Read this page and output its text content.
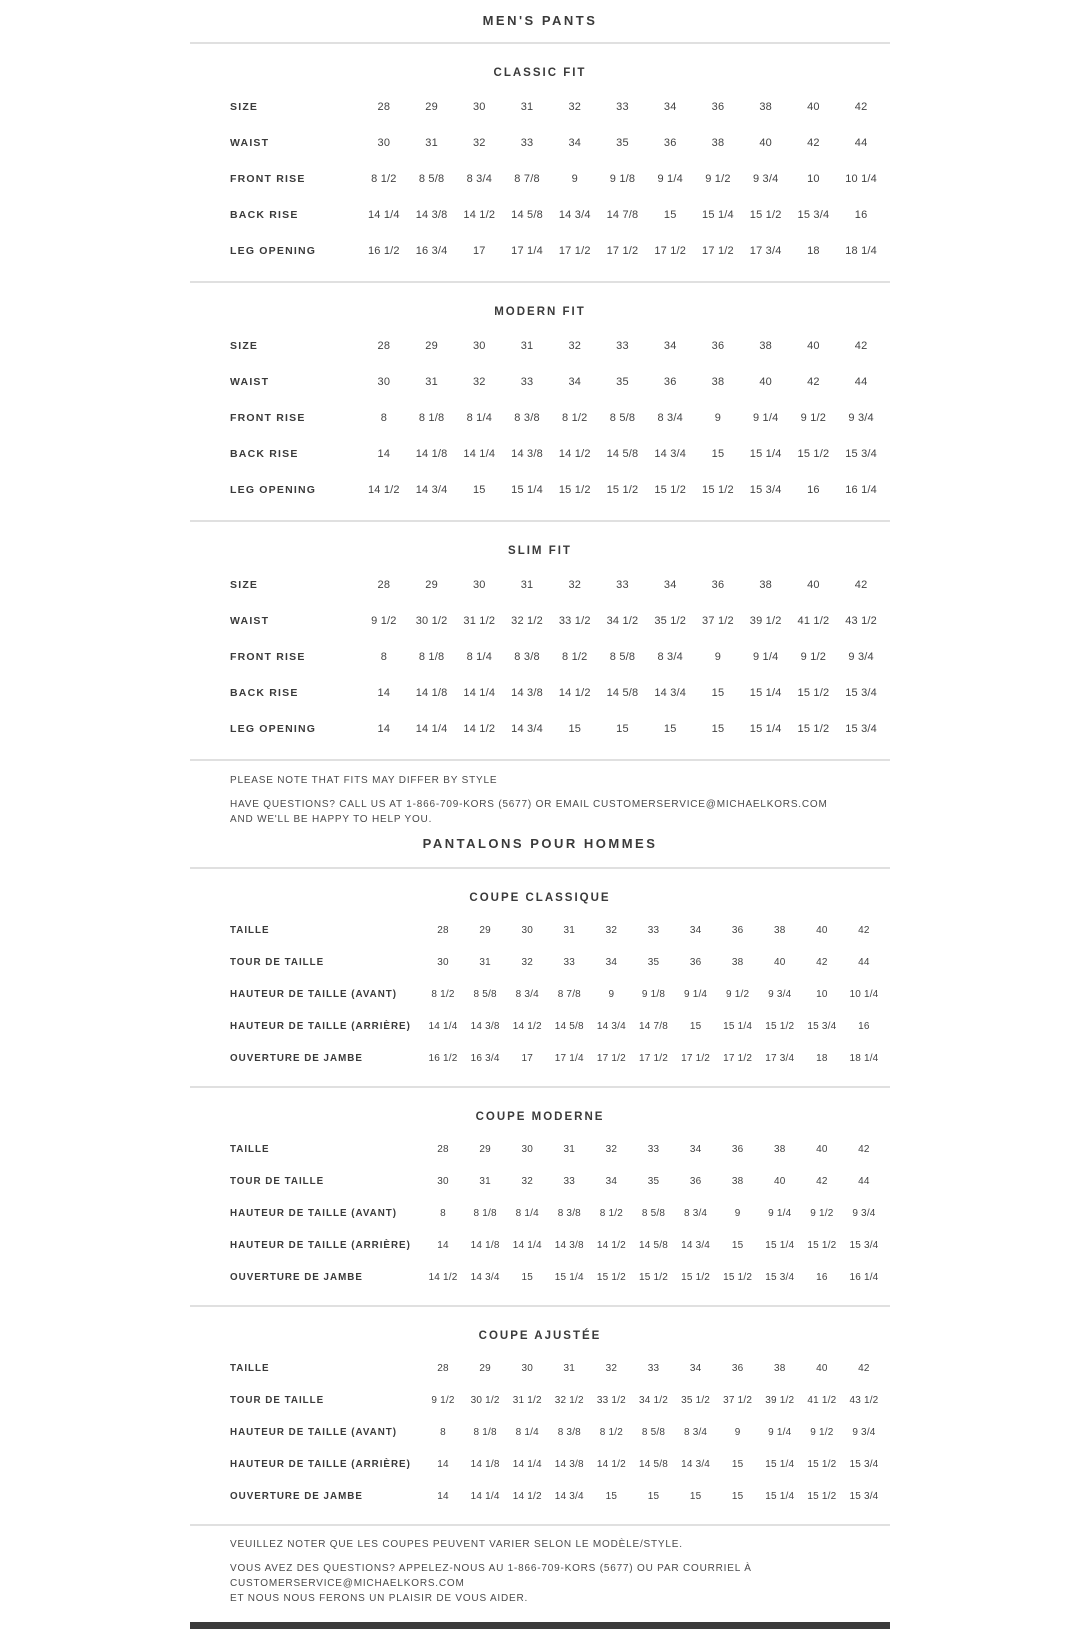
MEN'S PANTS
CLASSIC FIT
SIZE	28	29	30	31	32	33	34	36	38	40	42
WAIST	30	31	32	33	34	35	36	38	40	42	44
FRONT RISE	8 1/2	8 5/8	8 3/4	8 7/8	9	9 1/8	9 1/4	9 1/2	9 3/4	10	10 1/4
BACK RISE	14 1/4	14 3/8	14 1/2	14 5/8	14 3/4	14 7/8	15	15 1/4	15 1/2	15 3/4	16
LEG OPENING	16 1/2	16 3/4	17	17 1/4	17 1/2	17 1/2	17 1/2	17 1/2	17 3/4	18	18 1/4
MODERN FIT
SIZE	28	29	30	31	32	33	34	36	38	40	42
WAIST	30	31	32	33	34	35	36	38	40	42	44
FRONT RISE	8	8 1/8	8 1/4	8 3/8	8 1/2	8 5/8	8 3/4	9	9 1/4	9 1/2	9 3/4
BACK RISE	14	14 1/8	14 1/4	14 3/8	14 1/2	14 5/8	14 3/4	15	15 1/4	15 1/2	15 3/4
LEG OPENING	14 1/2	14 3/4	15	15 1/4	15 1/2	15 1/2	15 1/2	15 1/2	15 3/4	16	16 1/4
SLIM FIT
SIZE	28	29	30	31	32	33	34	36	38	40	42
WAIST	9 1/2	30 1/2	31 1/2	32 1/2	33 1/2	34 1/2	35 1/2	37 1/2	39 1/2	41 1/2	43 1/2
FRONT RISE	8	8 1/8	8 1/4	8 3/8	8 1/2	8 5/8	8 3/4	9	9 1/4	9 1/2	9 3/4
BACK RISE	14	14 1/8	14 1/4	14 3/8	14 1/2	14 5/8	14 3/4	15	15 1/4	15 1/2	15 3/4
LEG OPENING	14	14 1/4	14 1/2	14 3/4	15	15	15	15	15 1/4	15 1/2	15 3/4
PLEASE NOTE THAT FITS MAY DIFFER BY STYLE
HAVE QUESTIONS? CALL US AT 1-866-709-KORS (5677) OR EMAIL CUSTOMERSERVICE@MICHAELKORS.COM
AND WE'LL BE HAPPY TO HELP YOU.
PANTALONS POUR HOMMES
COUPE CLASSIQUE
TAILLE	28	29	30	31	32	33	34	36	38	40	42
TOUR DE TAILLE	30	31	32	33	34	35	36	38	40	42	44
HAUTEUR DE TAILLE (AVANT)	8 1/2	8 5/8	8 3/4	8 7/8	9	9 1/8	9 1/4	9 1/2	9 3/4	10	10 1/4
HAUTEUR DE TAILLE (ARRIÈRE)	14 1/4	14 3/8	14 1/2	14 5/8	14 3/4	14 7/8	15	15 1/4	15 1/2	15 3/4	16
OUVERTURE DE JAMBE	16 1/2	16 3/4	17	17 1/4	17 1/2	17 1/2	17 1/2	17 1/2	17 3/4	18	18 1/4
COUPE MODERNE
TAILLE	28	29	30	31	32	33	34	36	38	40	42
TOUR DE TAILLE	30	31	32	33	34	35	36	38	40	42	44
HAUTEUR DE TAILLE (AVANT)	8	8 1/8	8 1/4	8 3/8	8 1/2	8 5/8	8 3/4	9	9 1/4	9 1/2	9 3/4
HAUTEUR DE TAILLE (ARRIÈRE)	14	14 1/8	14 1/4	14 3/8	14 1/2	14 5/8	14 3/4	15	15 1/4	15 1/2	15 3/4
OUVERTURE DE JAMBE	14 1/2	14 3/4	15	15 1/4	15 1/2	15 1/2	15 1/2	15 1/2	15 3/4	16	16 1/4
COUPE AJUSTÉE
TAILLE	28	29	30	31	32	33	34	36	38	40	42
TOUR DE TAILLE	9 1/2	30 1/2	31 1/2	32 1/2	33 1/2	34 1/2	35 1/2	37 1/2	39 1/2	41 1/2	43 1/2
HAUTEUR DE TAILLE (AVANT)	8	8 1/8	8 1/4	8 3/8	8 1/2	8 5/8	8 3/4	9	9 1/4	9 1/2	9 3/4
HAUTEUR DE TAILLE (ARRIÈRE)	14	14 1/8	14 1/4	14 3/8	14 1/2	14 5/8	14 3/4	15	15 1/4	15 1/2	15 3/4
OUVERTURE DE JAMBE	14	14 1/4	14 1/2	14 3/4	15	15	15	15	15 1/4	15 1/2	15 3/4
VEUILLEZ NOTER QUE LES COUPES PEUVENT VARIER SELON LE MODÈLE/STYLE.
VOUS AVEZ DES QUESTIONS? APPELEZ-NOUS AU 1-866-709-KORS (5677) OU PAR COURRIEL À CUSTOMERSERVICE@MICHAELKORS.COM
ET NOUS NOUS FERONS UN PLAISIR DE VOUS AIDER.
